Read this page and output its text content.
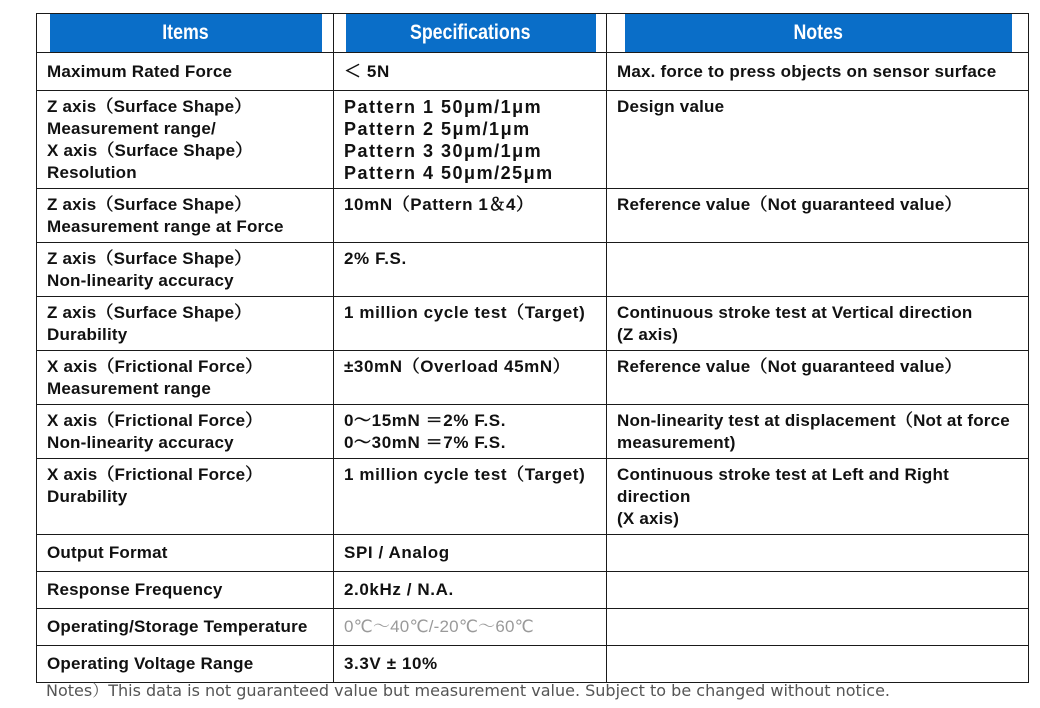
Items	Specifications	Notes
Maximum Rated Force	＜ 5N	Max. force to press objects on sensor surface
Z axis（Surface Shape）
Measurement range/
X axis（Surface Shape）
Resolution	Pattern 1 50μm/1μm
Pattern 2 5μm/1μm
Pattern 3 30μm/1μm
Pattern 4 50μm/25μm	Design value
Z axis（Surface Shape）
Measurement range at Force	10mN（Pattern 1＆4）	Reference value（Not guaranteed value）
Z axis（Surface Shape）
Non-linearity accuracy	2% F.S.	
Z axis（Surface Shape）
Durability	1 million cycle test（Target)	Continuous stroke test at Vertical direction
(Z axis)
X axis（Frictional Force）
Measurement range	±30mN（Overload 45mN）	Reference value（Not guaranteed value）
X axis（Frictional Force）
Non-linearity accuracy	0～15mN ＝2% F.S.
0～30mN ＝7% F.S.	Non-linearity test at displacement（Not at force
measurement)
X axis（Frictional Force）
Durability	1 million cycle test（Target)	Continuous stroke test at Left and Right direction
(X axis)
Output Format	SPI / Analog	
Response Frequency	2.0kHz / N.A.	
Operating/Storage Temperature	0℃～40℃/-20℃～60℃	
Operating Voltage Range	3.3V ± 10%	
Notes）This data is not guaranteed value but measurement value. Subject to be changed without notice.
